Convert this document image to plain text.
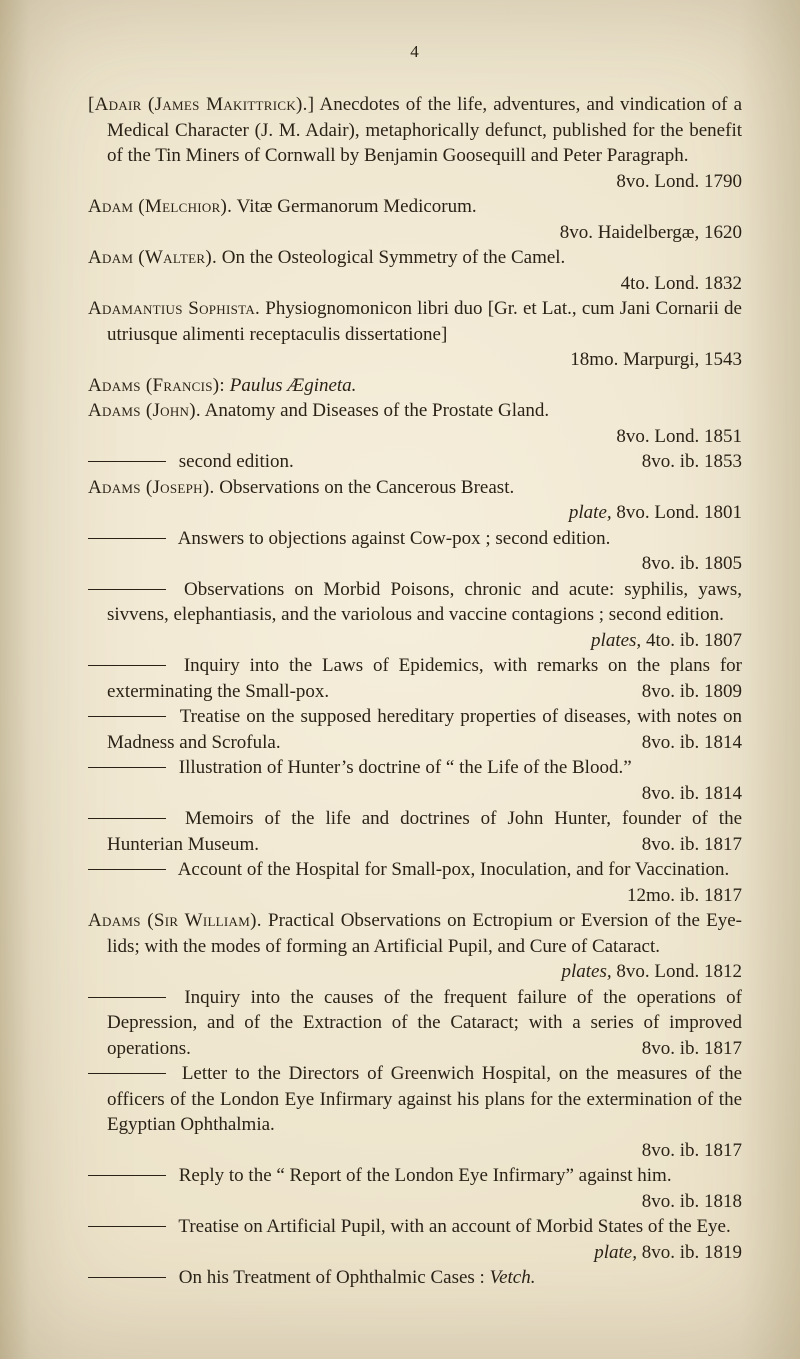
4

[Adair (James Makittrick).] Anecdotes of the life, adventures, and vindication of a Medical Character (J. M. Adair), metaphorically defunct, published for the benefit of the Tin Miners of Cornwall by Benjamin Goosequill and Peter Paragraph.
8vo. Lond. 1790

Adam (Melchior). Vitæ Germanorum Medicorum.
8vo. Haidelbergæ, 1620

Adam (Walter). On the Osteological Symmetry of the Camel.
4to. Lond. 1832

Adamantius Sophista. Physiognomonicon libri duo [Gr. et Lat., cum Jani Cornarii de utriusque alimenti receptaculis dissertatione]
18mo. Marpurgi, 1543

Adams (Francis): Paulus Ægineta.

Adams (John). Anatomy and Diseases of the Prostate Gland.
8vo. Lond. 1851

second edition.	8vo. ib. 1853

Adams (Joseph). Observations on the Cancerous Breast.
plate, 8vo. Lond. 1801

Answers to objections against Cow-pox ; second edition.
8vo. ib. 1805

Observations on Morbid Poisons, chronic and acute: syphilis, yaws, sivvens, elephantiasis, and the variolous and vaccine contagions ; second edition.
plates, 4to. ib. 1807

Inquiry into the Laws of Epidemics, with remarks on the plans for exterminating the Small-pox.	8vo. ib. 1809

Treatise on the supposed hereditary properties of diseases, with notes on Madness and Scrofula.	8vo. ib. 1814

Illustration of Hunter’s doctrine of “ the Life of the Blood.”
8vo. ib. 1814

Memoirs of the life and doctrines of John Hunter, founder of the Hunterian Museum.	8vo. ib. 1817

Account of the Hospital for Small-pox, Inoculation, and for Vaccination.
12mo. ib. 1817

Adams (Sir William). Practical Observations on Ectropium or Eversion of the Eye-lids; with the modes of forming an Artificial Pupil, and Cure of Cataract.
plates, 8vo. Lond. 1812

Inquiry into the causes of the frequent failure of the operations of Depression, and of the Extraction of the Cataract; with a series of improved operations.	8vo. ib. 1817

Letter to the Directors of Greenwich Hospital, on the measures of the officers of the London Eye Infirmary against his plans for the extermination of the Egyptian Ophthalmia.
8vo. ib. 1817

Reply to the “ Report of the London Eye Infirmary” against him.
8vo. ib. 1818

Treatise on Artificial Pupil, with an account of Morbid States of the Eye.
plate, 8vo. ib. 1819

On his Treatment of Ophthalmic Cases : Vetch.
